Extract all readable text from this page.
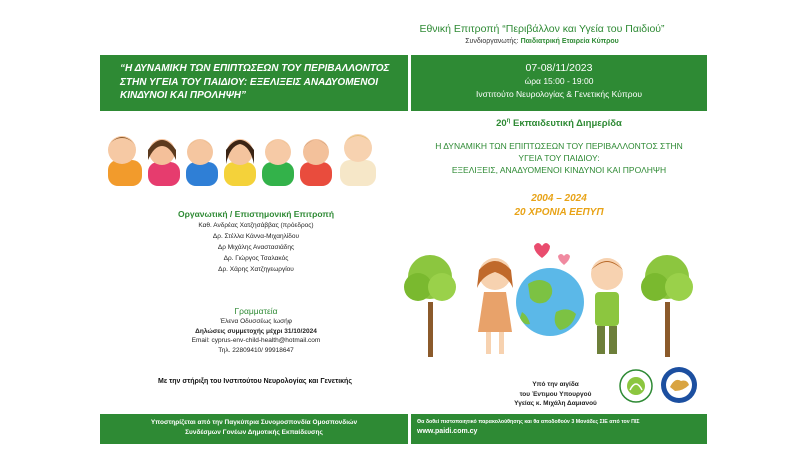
Εθνική Επιτροπή “Περιβάλλον και Υγεία του Παιδιού”
Συνδιοργανωτής: Παιδιατρική Εταιρεία Κύπρου
“Η ΔΥΝΑΜΙΚΗ ΤΩΝ ΕΠΙΠΤΩΣΕΩΝ ΤΟΥ ΠΕΡΙΒΑΛΛΟΝΤΟΣ
ΣΤΗΝ ΥΓΕΙΑ ΤΟΥ ΠΑΙΔΙΟΥ: ΕΞΕΛΙΞΕΙΣ ΑΝΑΔΥΟΜΕΝΟΙ
ΚΙΝΔΥΝΟΙ ΚΑΙ ΠΡΟΛΗΨΗ”
07-08/11/2023
ώρα 15:00 - 19:00
Ινστιτούτο Νευρολογίας & Γενετικής Κύπρου
Οργανωτική / Επιστημονική Επιτροπή
Καθ. Ανδρέας Χατζησάββας (πρόεδρος)
Δρ. Στέλλα Κάννα-Μιχαηλίδου
Δρ Μιχάλης Αναστασιάδης
Δρ. Γιώργος Τσαλακός
Δρ. Χάρης Χατζηγεωργίου
Γραμματεία
Έλενα Οδυσσέως Ιωσήφ
Δηλώσεις συμμετοχής μέχρι 31/10/2024
Email: cyprus-env-child-health@hotmail.com
Τηλ. 22809410/ 99918647
Με την στήριξη του Ινστιτούτου Νευρολογίας και Γενετικής
$20^\eta$ Εκπαιδευτική Διημερίδα
Η ΔΥΝΑΜΙΚΗ ΤΩΝ ΕΠΙΠΤΩΣΕΩΝ ΤΟΥ ΠΕΡΙΒΑΛΛΟΝΤΟΣ ΣΤΗΝ
ΥΓΕΙΑ ΤΟΥ ΠΑΙΔΙΟΥ:
ΕΞΕΛΙΞΕΙΣ, ΑΝΑΔΥΟΜΕΝΟΙ ΚΙΝΔΥΝΟΙ ΚΑΙ ΠΡΟΛΗΨΗ
2004 – 2024
20 ΧΡΟΝΙΑ ΕΕΠΥΠ
Υπό την αιγίδα
του Έντιμου Υπουργού
Υγείας κ. Μιχάλη Δαμιανού
Υποστηρίζεται από την Παγκύπρια Συνομοσπονδία Ομοσπονδιών
Συνδέσμων Γονέων Δημοτικής Εκπαίδευσης
Θα δοθεί πιστοποιητικό παρακολούθησης και θα αποδοθούν 3 Μονάδες ΣΙΕ από τον ΠΙΣ
www.paidi.com.cy
